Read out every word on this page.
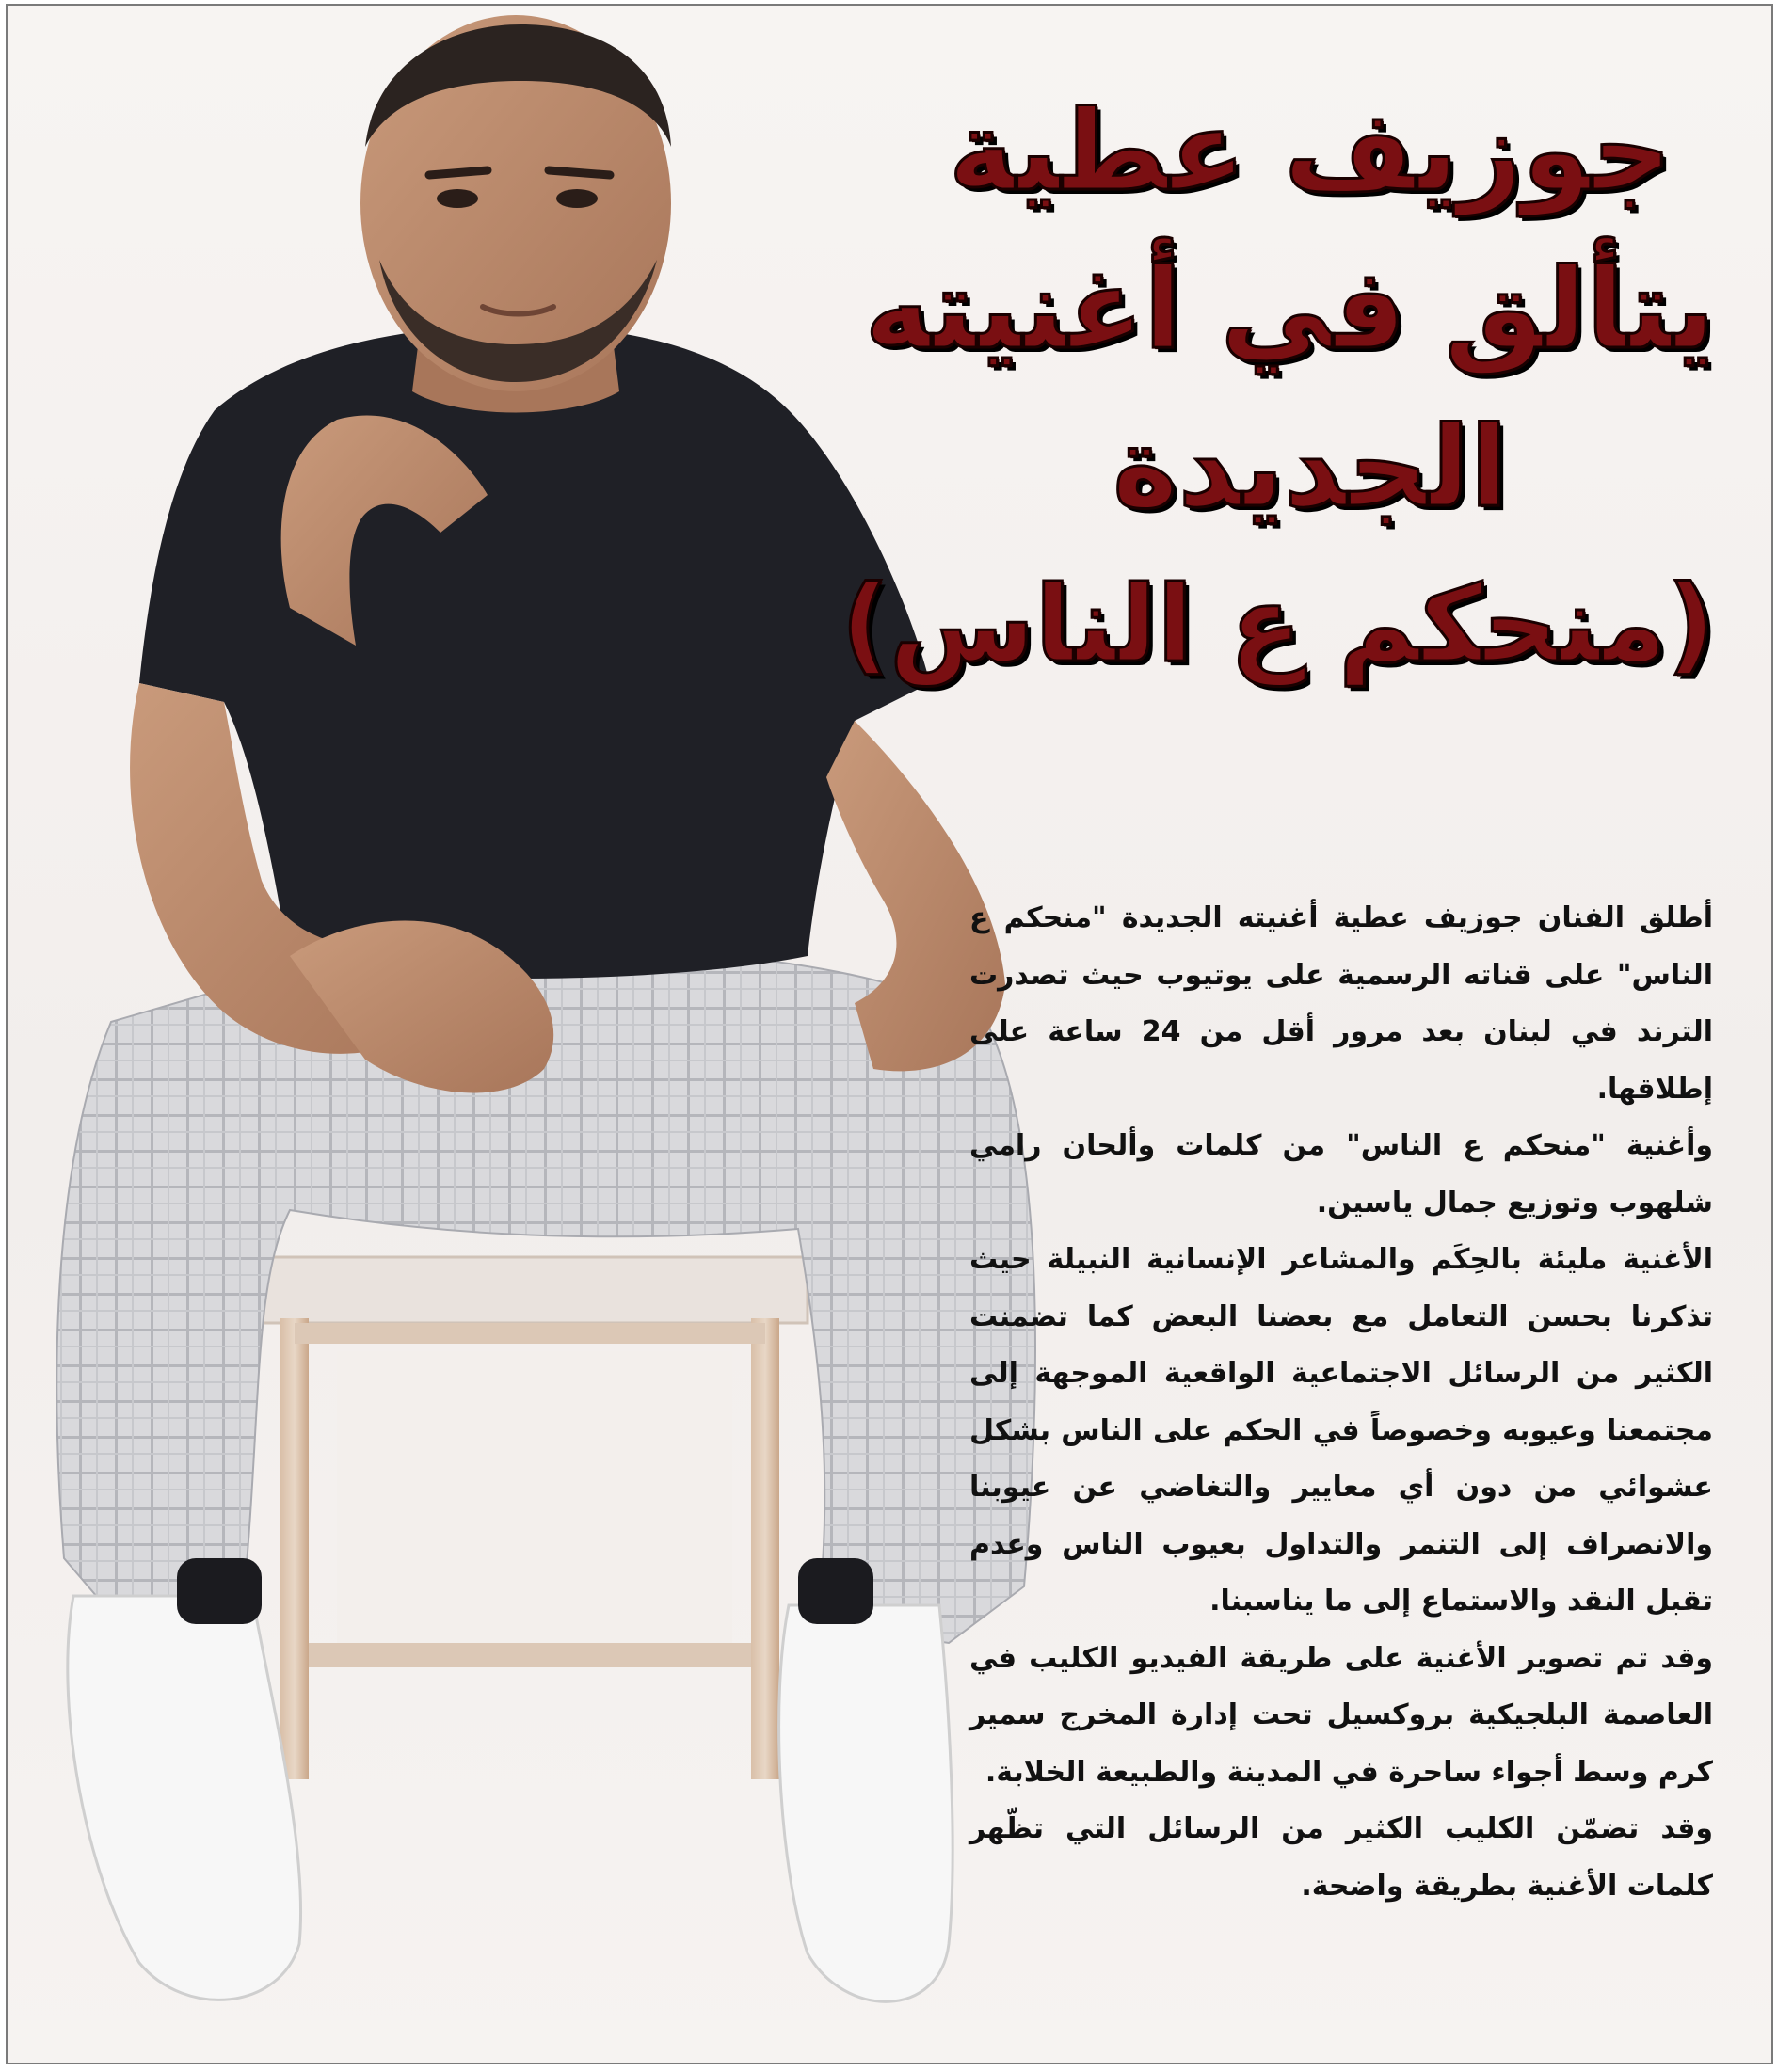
جوزيف عطية
يتألق في أغنيته
الجديدة
(منحكم ع الناس)

أطلق الفنان جوزيف عطية أغنيته الجديدة "منحكم ع الناس" على قناته الرسمية على يوتيوب حيث تصدرت الترند في لبنان بعد مرور أقل من 24 ساعة على إطلاقها.

وأغنية "منحكم ع الناس" من كلمات وألحان رامي شلهوب وتوزيع جمال ياسين.

الأغنية مليئة بالحِكَم والمشاعر الإنسانية النبيلة حيث تذكرنا بحسن التعامل مع بعضنا البعض كما تضمنت الكثير من الرسائل الاجتماعية الواقعية الموجهة إلى مجتمعنا وعيوبه وخصوصاً في الحكم على الناس بشكل عشوائي من دون أي معايير والتغاضي عن عيوبنا والانصراف إلى التنمر والتداول بعيوب الناس وعدم تقبل النقد والاستماع إلى ما يناسبنا.

وقد تم تصوير الأغنية على طريقة الفيديو الكليب في العاصمة البلجيكية بروكسيل تحت إدارة المخرج سمير كرم وسط أجواء ساحرة في المدينة والطبيعة الخلابة.

وقد تضمّن الكليب الكثير من الرسائل التي تظّهر كلمات الأغنية بطريقة واضحة.
